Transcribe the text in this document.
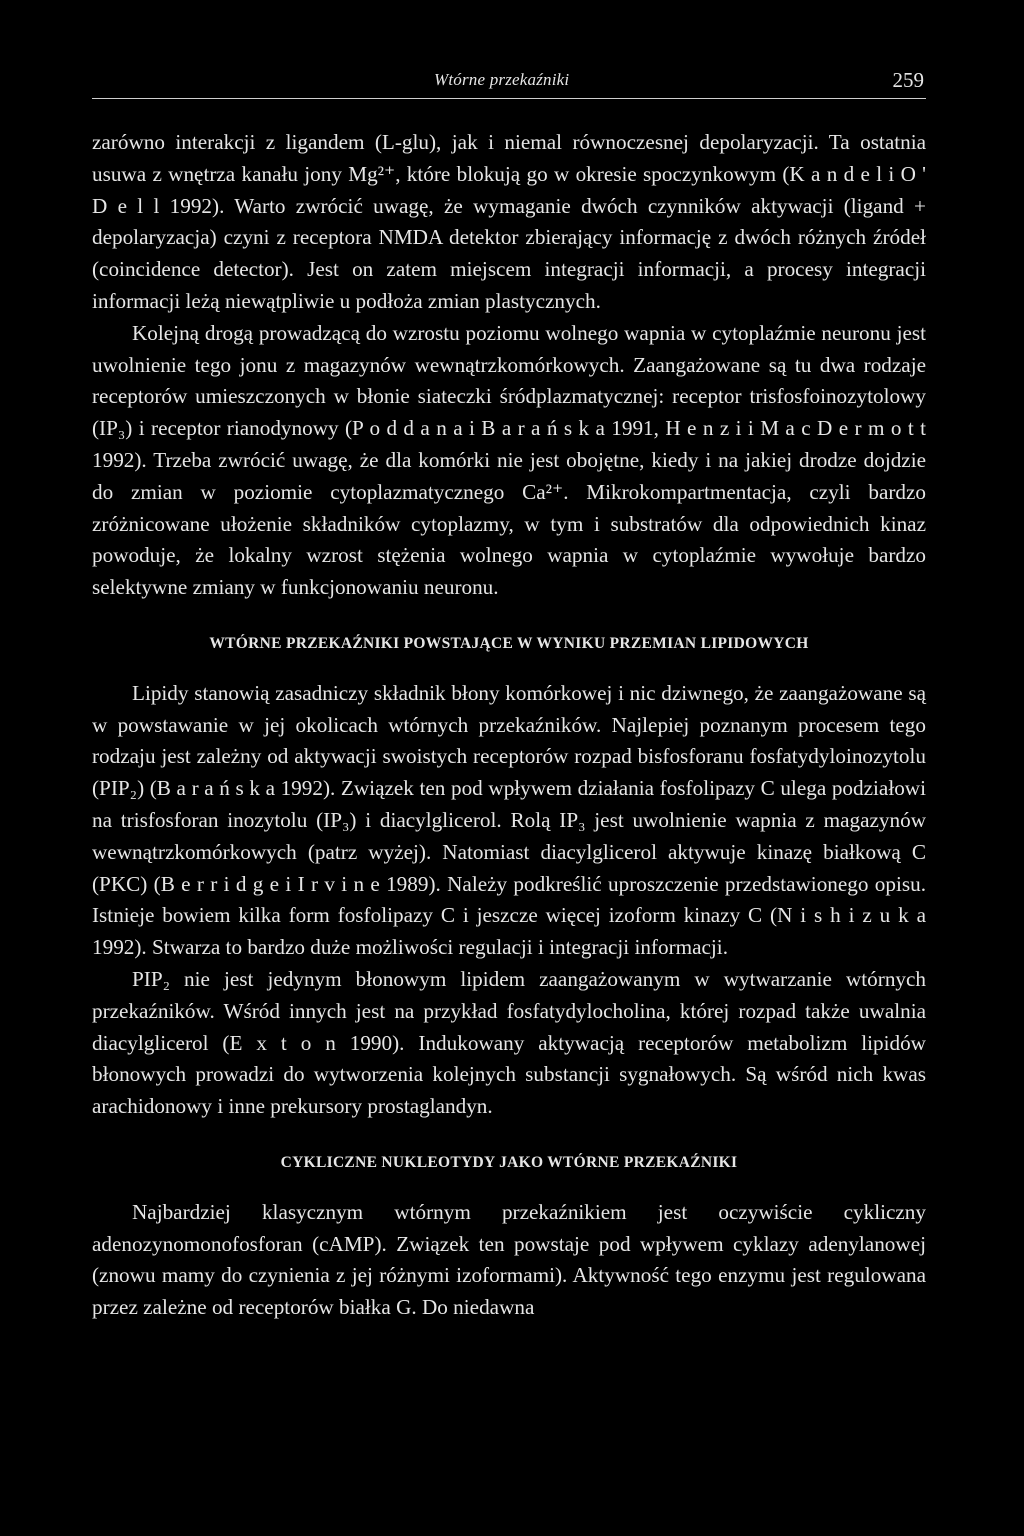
Wtórne przekaźniki	259

zarówno interakcji z ligandem (L-glu), jak i niemal równoczesnej depolaryzacji. Ta ostatnia usuwa z wnętrza kanału jony Mg²⁺, które blokują go w okresie spoczynkowym (K a n d e l i O ' D e l l 1992). Warto zwrócić uwagę, że wymaganie dwóch czynników aktywacji (ligand + depolaryzacja) czyni z receptora NMDA detektor zbierający informację z dwóch różnych źródeł (coincidence detector). Jest on zatem miejscem integracji informacji, a procesy integracji informacji leżą niewątpliwie u podłoża zmian plastycznych.

Kolejną drogą prowadzącą do wzrostu poziomu wolnego wapnia w cytoplaźmie neuronu jest uwolnienie tego jonu z magazynów wewnątrzkomórkowych. Zaangażowane są tu dwa rodzaje receptorów umieszczonych w błonie siateczki śródplazmatycznej: receptor trisfosfoinozytolowy (IP₃) i receptor rianodynowy (P o d d a n a i B a r a ń s k a 1991, H e n z i i M a c D e r m o t t 1992). Trzeba zwrócić uwagę, że dla komórki nie jest obojętne, kiedy i na jakiej drodze dojdzie do zmian w poziomie cytoplazmatycznego Ca²⁺. Mikrokompartmentacja, czyli bardzo zróżnicowane ułożenie składników cytoplazmy, w tym i substratów dla odpowiednich kinaz powoduje, że lokalny wzrost stężenia wolnego wapnia w cytoplaźmie wywołuje bardzo selektywne zmiany w funkcjonowaniu neuronu.

WTÓRNE PRZEKAŹNIKI POWSTAJĄCE W WYNIKU PRZEMIAN LIPIDOWYCH

Lipidy stanowią zasadniczy składnik błony komórkowej i nic dziwnego, że zaangażowane są w powstawanie w jej okolicach wtórnych przekaźników. Najlepiej poznanym procesem tego rodzaju jest zależny od aktywacji swoistych receptorów rozpad bisfosforanu fosfatydyloinozytolu (PIP₂) (B a r a ń s k a 1992). Związek ten pod wpływem działania fosfolipazy C ulega podziałowi na trisfosforan inozytolu (IP₃) i diacylglicerol. Rolą IP₃ jest uwolnienie wapnia z magazynów wewnątrzkomórkowych (patrz wyżej). Natomiast diacylglicerol aktywuje kinazę białkową C (PKC) (B e r r i d g e i I r v i n e 1989). Należy podkreślić uproszczenie przedstawionego opisu. Istnieje bowiem kilka form fosfolipazy C i jeszcze więcej izoform kinazy C (N i s h i z u k a 1992). Stwarza to bardzo duże możliwości regulacji i integracji informacji.

PIP₂ nie jest jedynym błonowym lipidem zaangażowanym w wytwarzanie wtórnych przekaźników. Wśród innych jest na przykład fosfatydylocholina, której rozpad także uwalnia diacylglicerol (E x t o n 1990). Indukowany aktywacją receptorów metabolizm lipidów błonowych prowadzi do wytworzenia kolejnych substancji sygnałowych. Są wśród nich kwas arachidonowy i inne prekursory prostaglandyn.

CYKLICZNE NUKLEOTYDY JAKO WTÓRNE PRZEKAŹNIKI

Najbardziej klasycznym wtórnym przekaźnikiem jest oczywiście cykliczny adenozynomonofosforan (cAMP). Związek ten powstaje pod wpływem cyklazy adenylanowej (znowu mamy do czynienia z jej różnymi izoformami). Aktywność tego enzymu jest regulowana przez zależne od receptorów białka G. Do niedawna
